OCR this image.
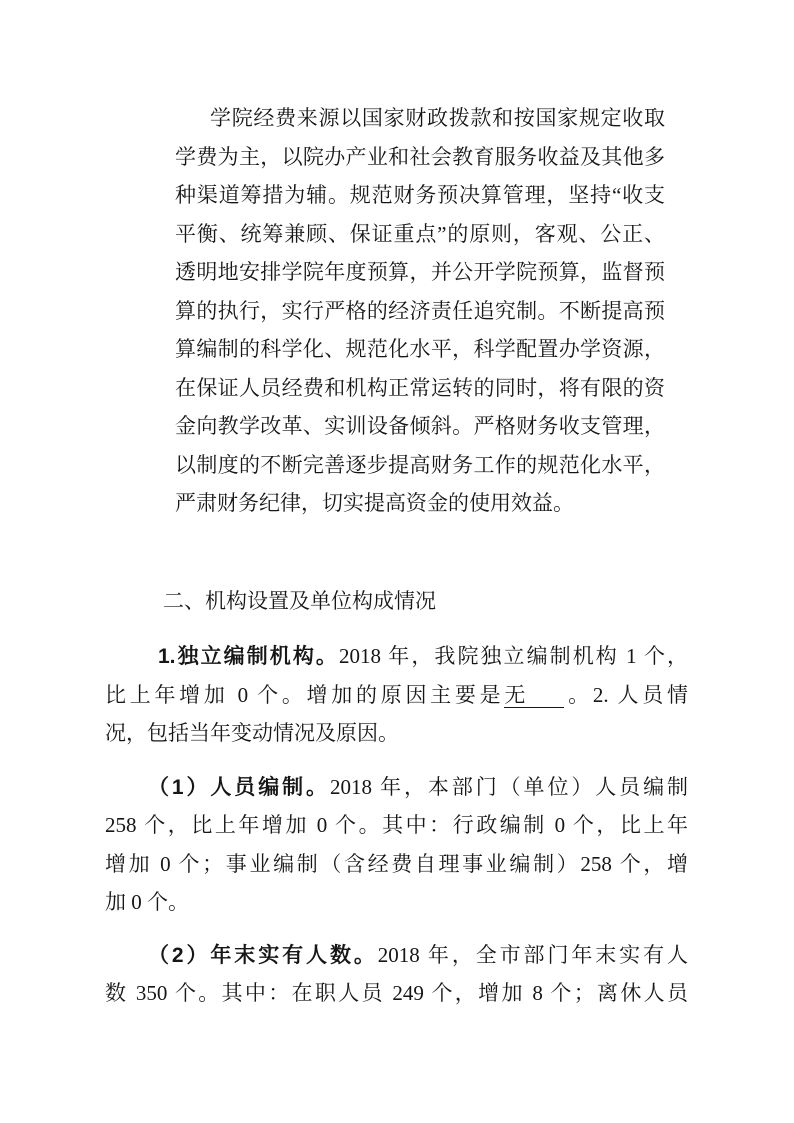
学院经费来源以国家财政拨款和按国家规定收取
学费为主，以院办产业和社会教育服务收益及其他多
种渠道筹措为辅。规范财务预决算管理，坚持“收支
平衡、统筹兼顾、保证重点”的原则，客观、公正、
透明地安排学院年度预算，并公开学院预算，监督预
算的执行，实行严格的经济责任追究制。不断提高预
算编制的科学化、规范化水平，科学配置办学资源，
在保证人员经费和机构正常运转的同时，将有限的资
金向教学改革、实训设备倾斜。严格财务收支管理，
以制度的不断完善逐步提高财务工作的规范化水平，
严肃财务纪律，切实提高资金的使用效益。
二、机构设置及单位构成情况
1.独立编制机构。2018 年，我院独立编制机构 1 个，
比上年增加 0 个。增加的原因主要是无 。2. 人员情
况，包括当年变动情况及原因。
（1）人员编制。2018 年，本部门（单位）人员编制
258 个，比上年增加 0 个。其中：行政编制 0 个，比上年
增加 0 个；事业编制（含经费自理事业编制）258 个，增
加 0 个。
（2）年末实有人数。2018 年，全市部门年末实有人
数 350 个。其中：在职人员 249 个，增加 8 个；离休人员
